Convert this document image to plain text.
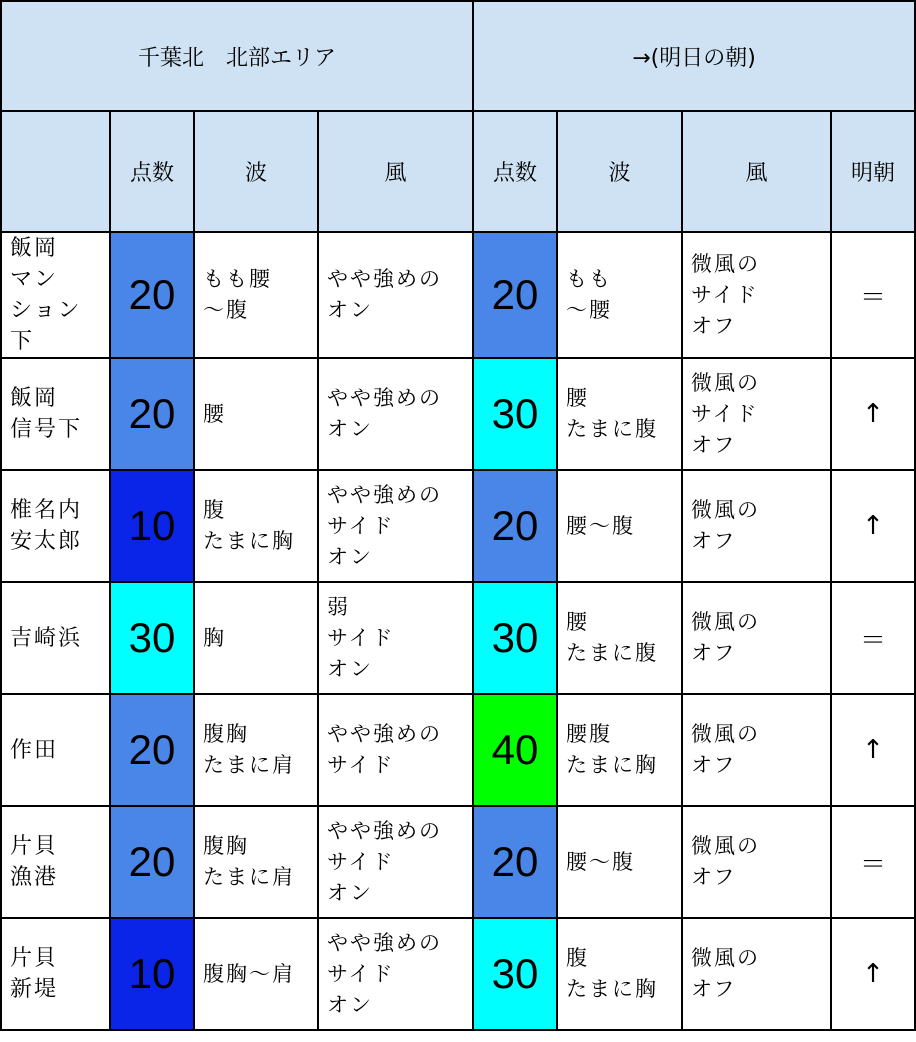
千葉北　北部エリア				→(明日の朝)			
	点数	波	風	点数	波	風	明朝
飯岡
マン
ション
下	20	もも腰
〜腹	やや強めの
オン	20	もも
〜腰	微風の
サイド
オフ	＝
飯岡
信号下	20	腰	やや強めの
オン	30	腰
たまに腹	微風の
サイド
オフ	↑
椎名内
安太郎	10	腹
たまに胸	やや強めの
サイド
オン	20	腰〜腹	微風の
オフ	↑
吉崎浜	30	胸	弱
サイド
オン	30	腰
たまに腹	微風の
オフ	＝
作田	20	腹胸
たまに肩	やや強めの
サイド	40	腰腹
たまに胸	微風の
オフ	↑
片貝
漁港	20	腹胸
たまに肩	やや強めの
サイド
オン	20	腰〜腹	微風の
オフ	＝
片貝
新堤	10	腹胸〜肩	やや強めの
サイド
オン	30	腹
たまに胸	微風の
オフ	↑
